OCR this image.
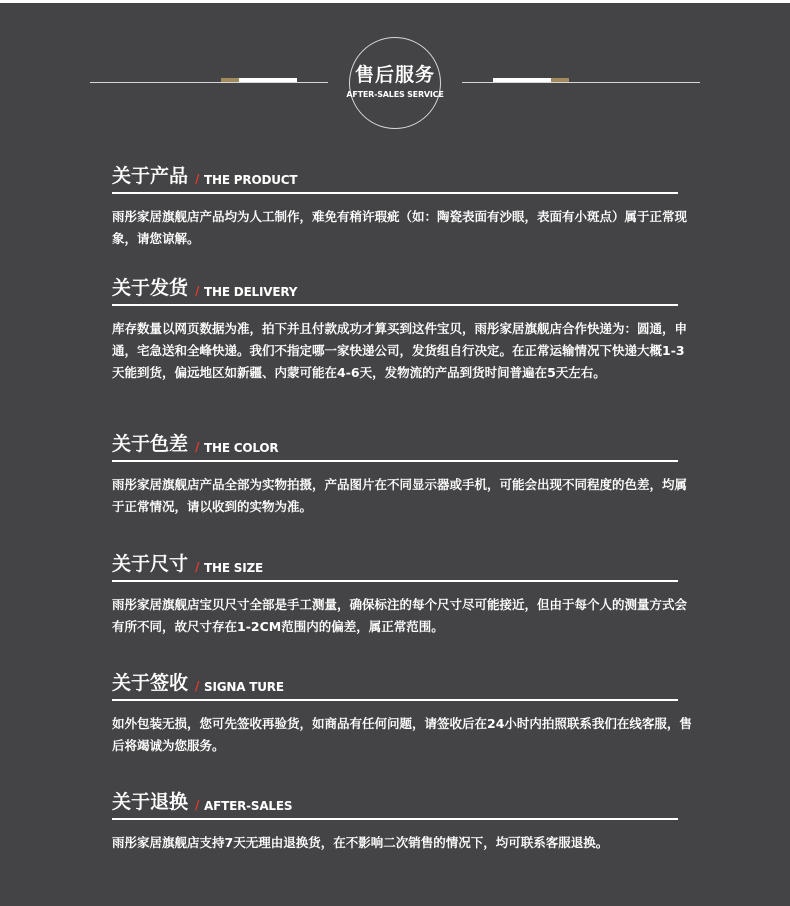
售后服务
AFTER-SALES SERVICE
关于产品 / THE PRODUCT
雨彤家居旗舰店产品均为人工制作，难免有稍许瑕疵（如：陶瓷表面有沙眼，表面有小斑点）属于正常现象，请您谅解。
关于发货 / THE DELIVERY
库存数量以网页数据为准，拍下并且付款成功才算买到这件宝贝，雨彤家居旗舰店合作快递为：圆通，申通，宅急送和全峰快递。我们不指定哪一家快递公司，发货组自行决定。在正常运输情况下快递大概1-3天能到货，偏远地区如新疆、内蒙可能在4-6天，发物流的产品到货时间普遍在5天左右。
关于色差 / THE COLOR
雨彤家居旗舰店产品全部为实物拍摄，产品图片在不同显示器或手机，可能会出现不同程度的色差，均属于正常情况，请以收到的实物为准。
关于尺寸 / THE SIZE
雨彤家居旗舰店宝贝尺寸全部是手工测量，确保标注的每个尺寸尽可能接近，但由于每个人的测量方式会有所不同，故尺寸存在1-2CM范围内的偏差，属正常范围。
关于签收 / SIGNA TURE
如外包装无损，您可先签收再验货，如商品有任何问题，请签收后在24小时内拍照联系我们在线客服，售后将竭诚为您服务。
关于退换 / AFTER-SALES
雨彤家居旗舰店支持7天无理由退换货，在不影响二次销售的情况下，均可联系客服退换。
